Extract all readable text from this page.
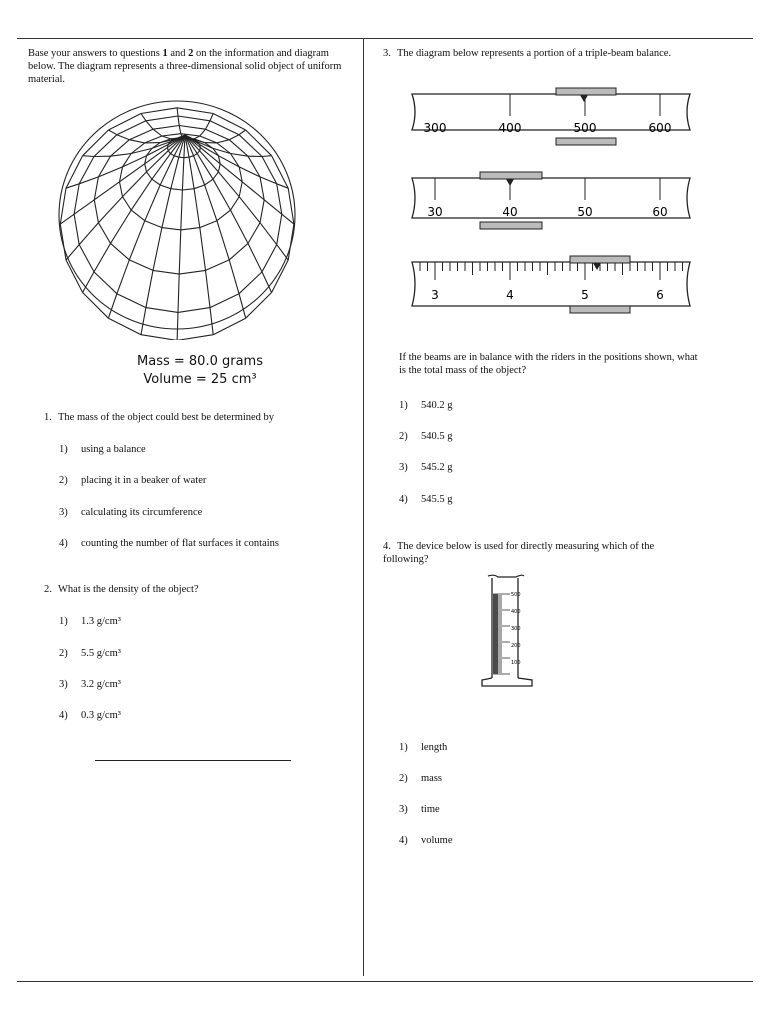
Base your answers to questions 1 and 2 on the information and diagram below. The diagram represents a three-dimensional solid object of uniform material.
Mass = 80.0 grams
Volume = 25 cm³
1. The mass of the object could best be determined by
1) using a balance
2) placing it in a beaker of water
3) calculating its circumference
4) counting the number of flat surfaces it contains
2. What is the density of the object?
1) 1.3 g/cm³
2) 5.5 g/cm³
3) 3.2 g/cm³
4) 0.3 g/cm³
3. The diagram below represents a portion of a triple-beam balance.
300	400	500	600
30	40	50	60
3	4	5	6
If the beams are in balance with the riders in the positions shown, what is the total mass of the object?
1) 540.2 g
2) 540.5 g
3) 545.2 g
4) 545.5 g
4. The device below is used for directly measuring which of the following?
500
400
300
200
100
1) length
2) mass
3) time
4) volume
